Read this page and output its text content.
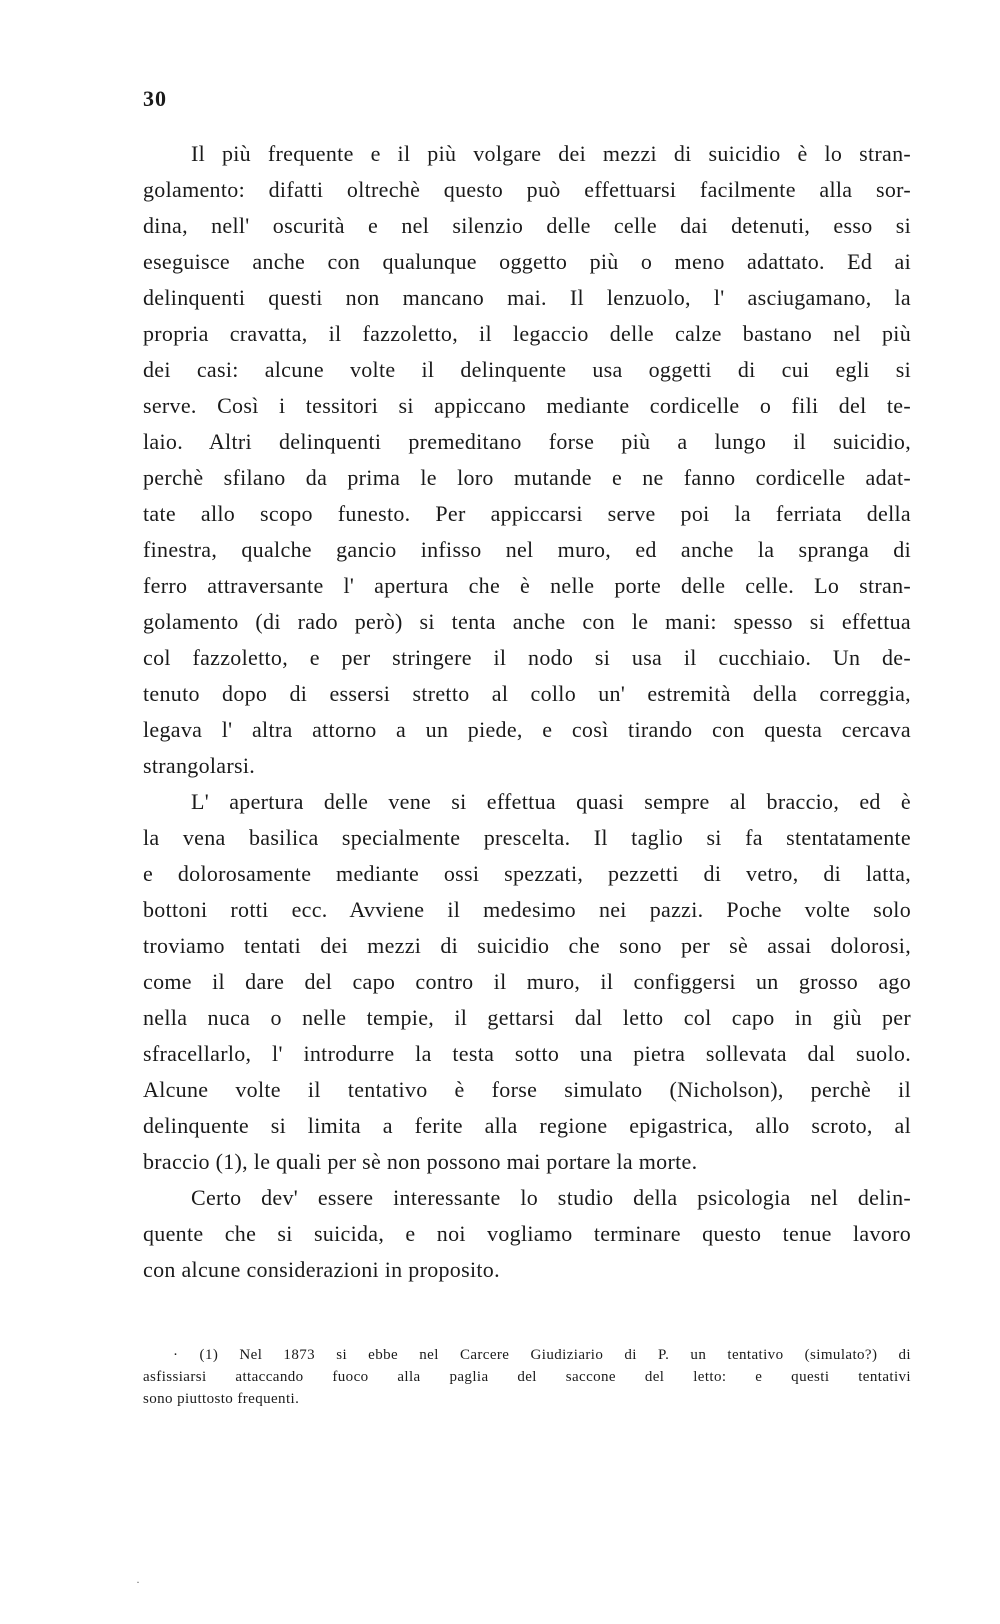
30
Il più frequente e il più volgare dei mezzi di suicidio è lo stran-
golamento: difatti oltrechè questo può effettuarsi facilmente alla sor-
dina, nell' oscurità e nel silenzio delle celle dai detenuti, esso si
eseguisce anche con qualunque oggetto più o meno adattato. Ed ai
delinquenti questi non mancano mai. Il lenzuolo, l' asciugamano, la
propria cravatta, il fazzoletto, il legaccio delle calze bastano nel più
dei casi: alcune volte il delinquente usa oggetti di cui egli si
serve. Così i tessitori si appiccano mediante cordicelle o fili del te-
laio. Altri delinquenti premeditano forse più a lungo il suicidio,
perchè sfilano da prima le loro mutande e ne fanno cordicelle adat-
tate allo scopo funesto. Per appiccarsi serve poi la ferriata della
finestra, qualche gancio infisso nel muro, ed anche la spranga di
ferro attraversante l' apertura che è nelle porte delle celle. Lo stran-
golamento (di rado però) si tenta anche con le mani: spesso si effettua
col fazzoletto, e per stringere il nodo si usa il cucchiaio. Un de-
tenuto dopo di essersi stretto al collo un' estremità della correggia,
legava l' altra attorno a un piede, e così tirando con questa cercava
strangolarsi.
L' apertura delle vene si effettua quasi sempre al braccio, ed è
la vena basilica specialmente prescelta. Il taglio si fa stentatamente
e dolorosamente mediante ossi spezzati, pezzetti di vetro, di latta,
bottoni rotti ecc. Avviene il medesimo nei pazzi. Poche volte solo
troviamo tentati dei mezzi di suicidio che sono per sè assai dolorosi,
come il dare del capo contro il muro, il configgersi un grosso ago
nella nuca o nelle tempie, il gettarsi dal letto col capo in giù per
sfracellarlo, l' introdurre la testa sotto una pietra sollevata dal suolo.
Alcune volte il tentativo è forse simulato (Nicholson), perchè il
delinquente si limita a ferite alla regione epigastrica, allo scroto, al
braccio (1), le quali per sè non possono mai portare la morte.
Certo dev' essere interessante lo studio della psicologia nel delin-
quente che si suicida, e noi vogliamo terminare questo tenue lavoro
con alcune considerazioni in proposito.
· (1) Nel 1873 si ebbe nel Carcere Giudiziario di P. un tentativo (simulato?) di
asfissiarsi attaccando fuoco alla paglia del saccone del letto: e questi tentativi
sono piuttosto frequenti.
·
